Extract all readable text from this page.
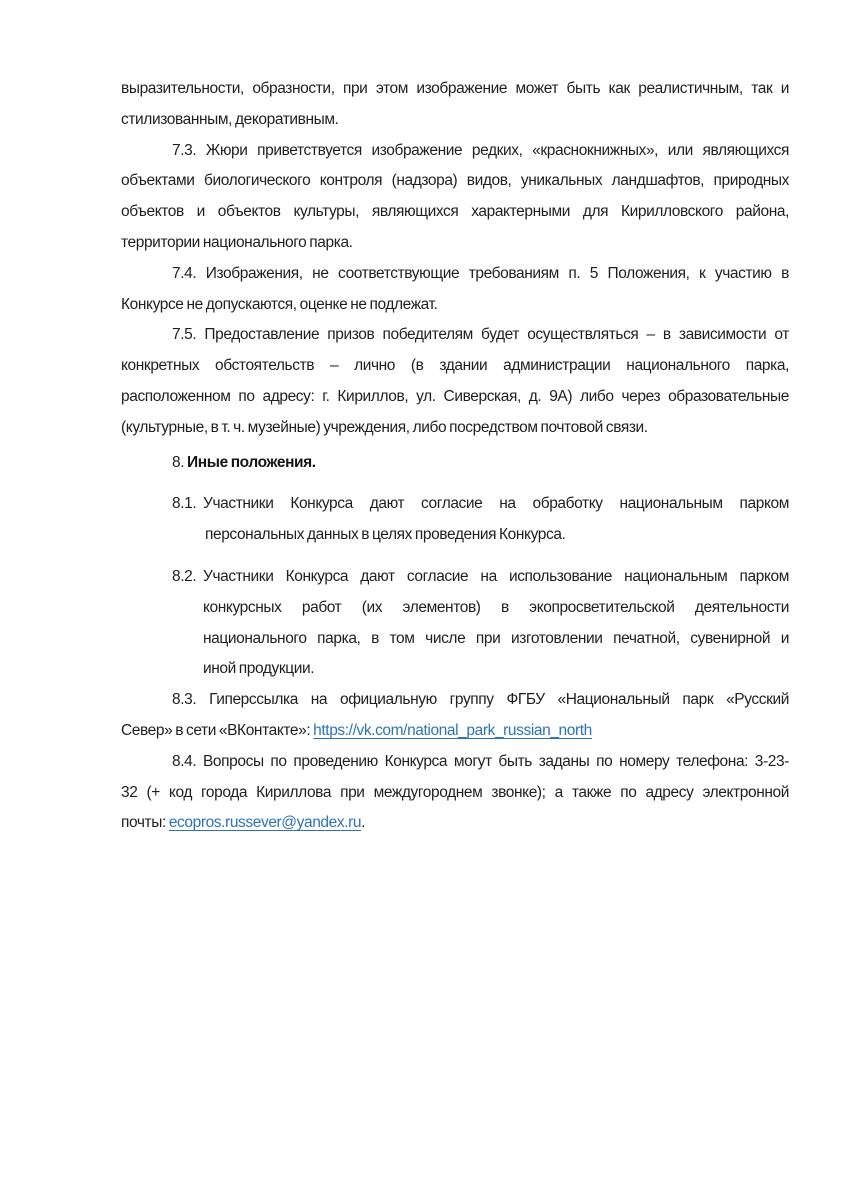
выразительности, образности, при этом изображение может быть как реалистичным, так и
стилизованным, декоративным.
7.3. Жюри приветствуется изображение редких, «краснокнижных», или являющихся
объектами биологического контроля (надзора) видов, уникальных ландшафтов, природных
объектов и объектов культуры, являющихся характерными для Кирилловского района,
территории национального парка.
7.4. Изображения, не соответствующие требованиям п. 5 Положения, к участию в
Конкурсе не допускаются, оценке не подлежат.
7.5. Предоставление призов победителям будет осуществляться – в зависимости от
конкретных обстоятельств – лично (в здании администрации национального парка,
расположенном по адресу: г. Кириллов, ул. Сиверская, д. 9А) либо через образовательные
(культурные, в т. ч. музейные) учреждения, либо посредством почтовой связи.
8. Иные положения.
8.1. Участники Конкурса дают согласие на обработку национальным парком
персональных данных в целях проведения Конкурса.
8.2. Участники Конкурса дают согласие на использование национальным парком
конкурсных работ (их элементов) в экопросветительской деятельности
национального парка, в том числе при изготовлении печатной, сувенирной и
иной продукции.
8.3. Гиперссылка на официальную группу ФГБУ «Национальный парк «Русский
Север» в сети «ВКонтакте»: https://vk.com/national_park_russian_north
8.4. Вопросы по проведению Конкурса могут быть заданы по номеру телефона: 3-23-
32 (+ код города Кириллова при междугороднем звонке); а также по адресу электронной
почты: ecopros.russever@yandex.ru.
